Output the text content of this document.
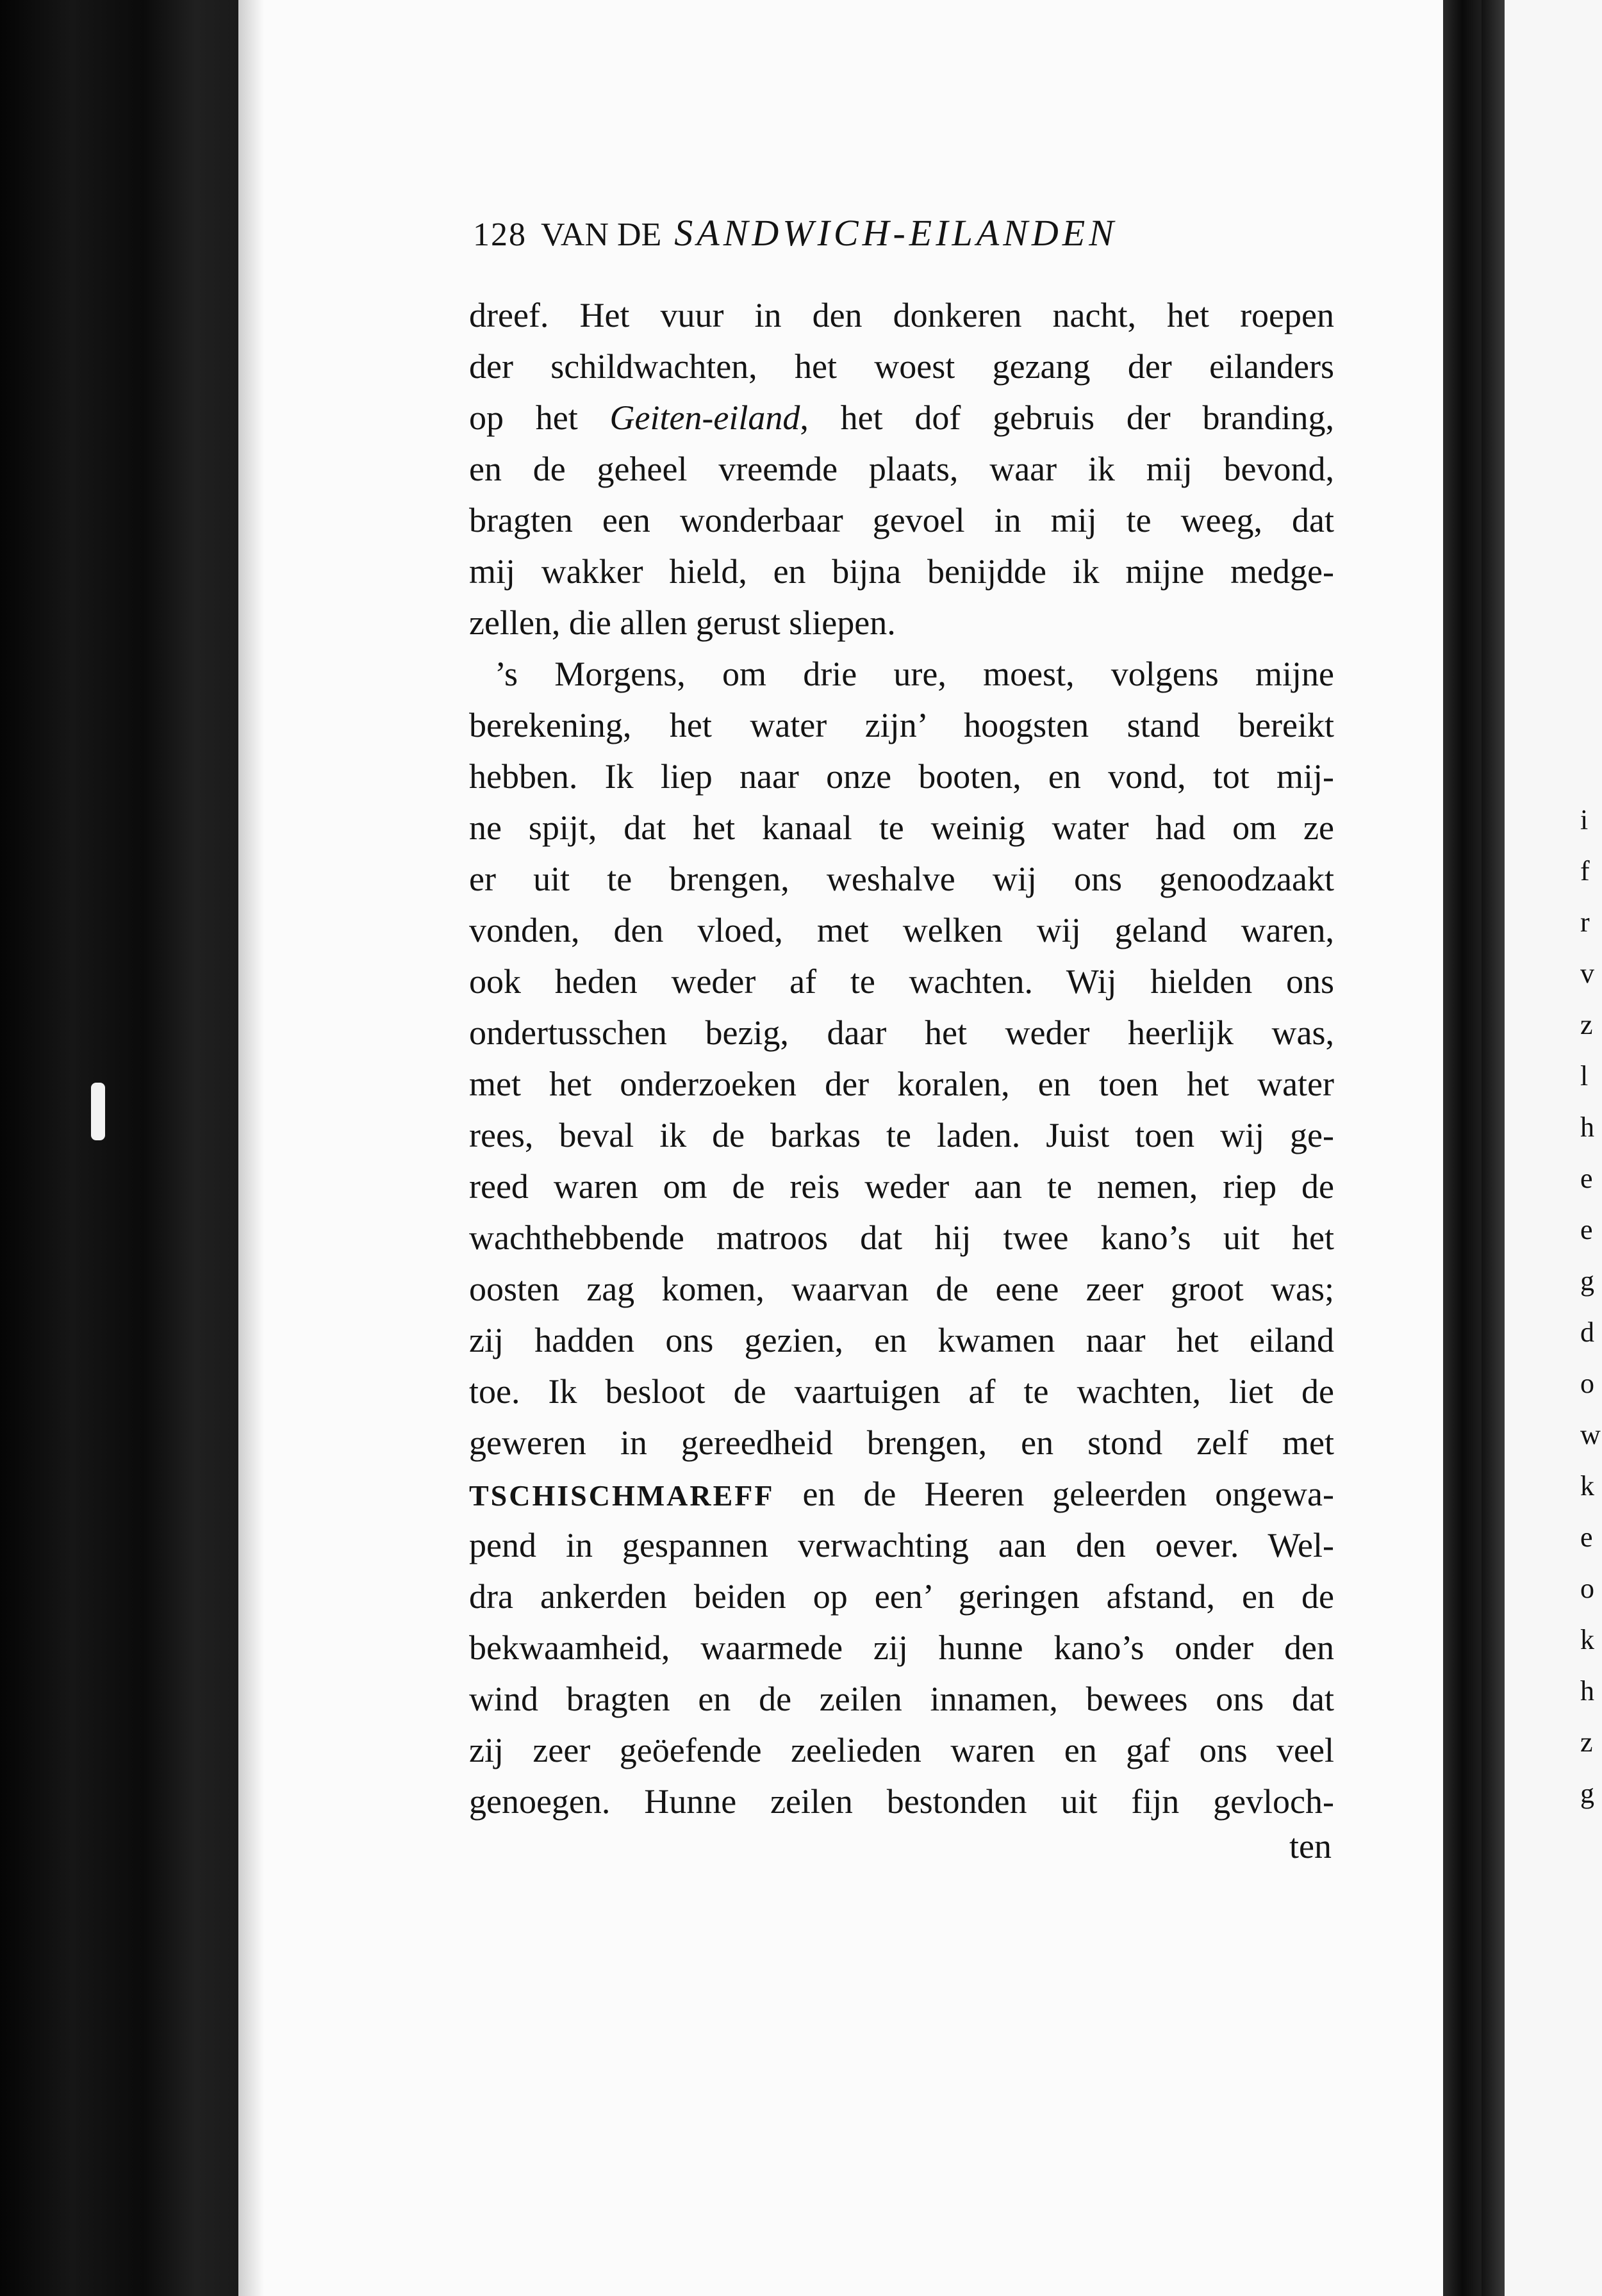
i
f
r
v
z
l
h
e
e
g
d
o
w
k
e
o
k
h
z
g
128 VAN DE SANDWICH-EILANDEN
dreef. Het vuur in den donkeren nacht, het roepen
der schildwachten, het woest gezang der eilanders
op het Geiten-eiland, het dof gebruis der branding,
en de geheel vreemde plaats, waar ik mij bevond,
bragten een wonderbaar gevoel in mij te weeg, dat
mij wakker hield, en bijna benijdde ik mijne medge-
zellen, die allen gerust sliepen.
’s Morgens, om drie ure, moest, volgens mijne
berekening, het water zijn’ hoogsten stand bereikt
hebben. Ik liep naar onze booten, en vond, tot mij-
ne spijt, dat het kanaal te weinig water had om ze
er uit te brengen, weshalve wij ons genoodzaakt
vonden, den vloed, met welken wij geland waren,
ook heden weder af te wachten. Wij hielden ons
ondertusschen bezig, daar het weder heerlijk was,
met het onderzoeken der koralen, en toen het water
rees, beval ik de barkas te laden. Juist toen wij ge-
reed waren om de reis weder aan te nemen, riep de
wachthebbende matroos dat hij twee kano’s uit het
oosten zag komen, waarvan de eene zeer groot was;
zij hadden ons gezien, en kwamen naar het eiland
toe. Ik besloot de vaartuigen af te wachten, liet de
geweren in gereedheid brengen, en stond zelf met
TSCHISCHMAREFF en de Heeren geleerden ongewa-
pend in gespannen verwachting aan den oever. Wel-
dra ankerden beiden op een’ geringen afstand, en de
bekwaamheid, waarmede zij hunne kano’s onder den
wind bragten en de zeilen innamen, bewees ons dat
zij zeer geöefende zeelieden waren en gaf ons veel
genoegen. Hunne zeilen bestonden uit fijn gevloch-
ten
